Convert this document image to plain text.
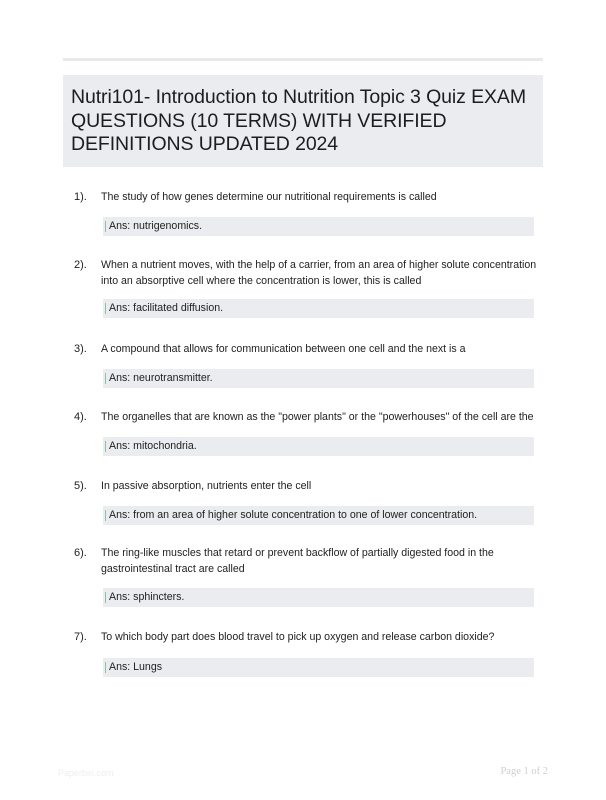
Nutri101- Introduction to Nutrition Topic 3 Quiz EXAM QUESTIONS (10 TERMS) WITH VERIFIED DEFINITIONS UPDATED 2024
1). The study of how genes determine our nutritional requirements is called
Ans: nutrigenomics.
2). When a nutrient moves, with the help of a carrier, from an area of higher solute concentration into an absorptive cell where the concentration is lower, this is called
Ans: facilitated diffusion.
3). A compound that allows for communication between one cell and the next is a
Ans: neurotransmitter.
4). The organelles that are known as the "power plants" or the "powerhouses" of the cell are the
Ans: mitochondria.
5). In passive absorption, nutrients enter the cell
Ans: from an area of higher solute concentration to one of lower concentration.
6). The ring-like muscles that retard or prevent backflow of partially digested food in the gastrointestinal tract are called
Ans: sphincters.
7). To which body part does blood travel to pick up oxygen and release carbon dioxide?
Ans: Lungs
Paperbin.com	Page 1 of 2
